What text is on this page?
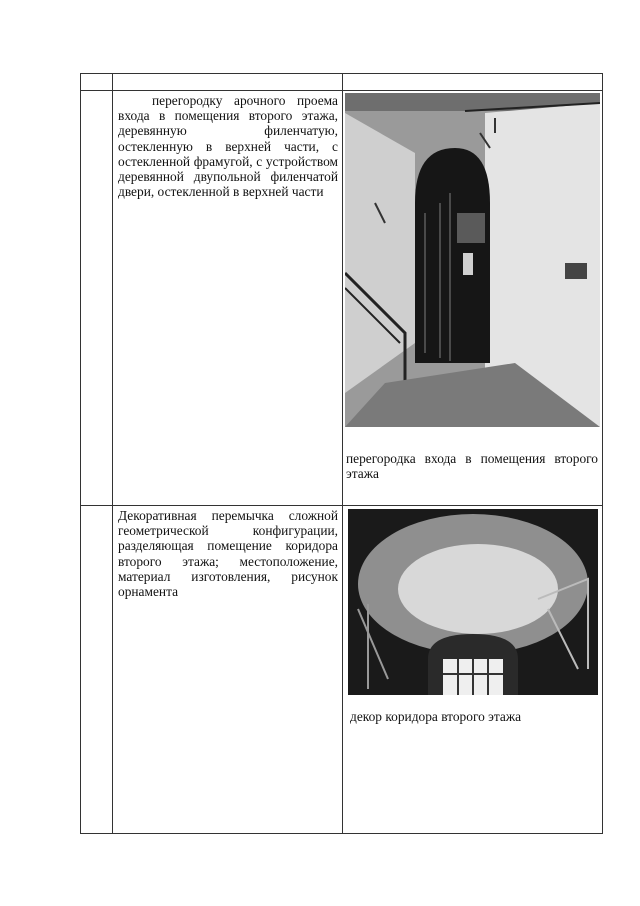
	перегородку арочного проема входа в помещения второго этажа, деревянную филенчатую, остекленную в верхней части, с остекленной фрамугой, с устройством деревянной двупольной филенчатой двери, остекленной в верхней части	перегородка входа в помещения второго этажа

	Декоративная перемычка сложной геометрической конфигурации, разделяющая помещение коридора второго этажа; местоположение, материал изготовления, рисунок орнамента	декор коридора второго этажа
